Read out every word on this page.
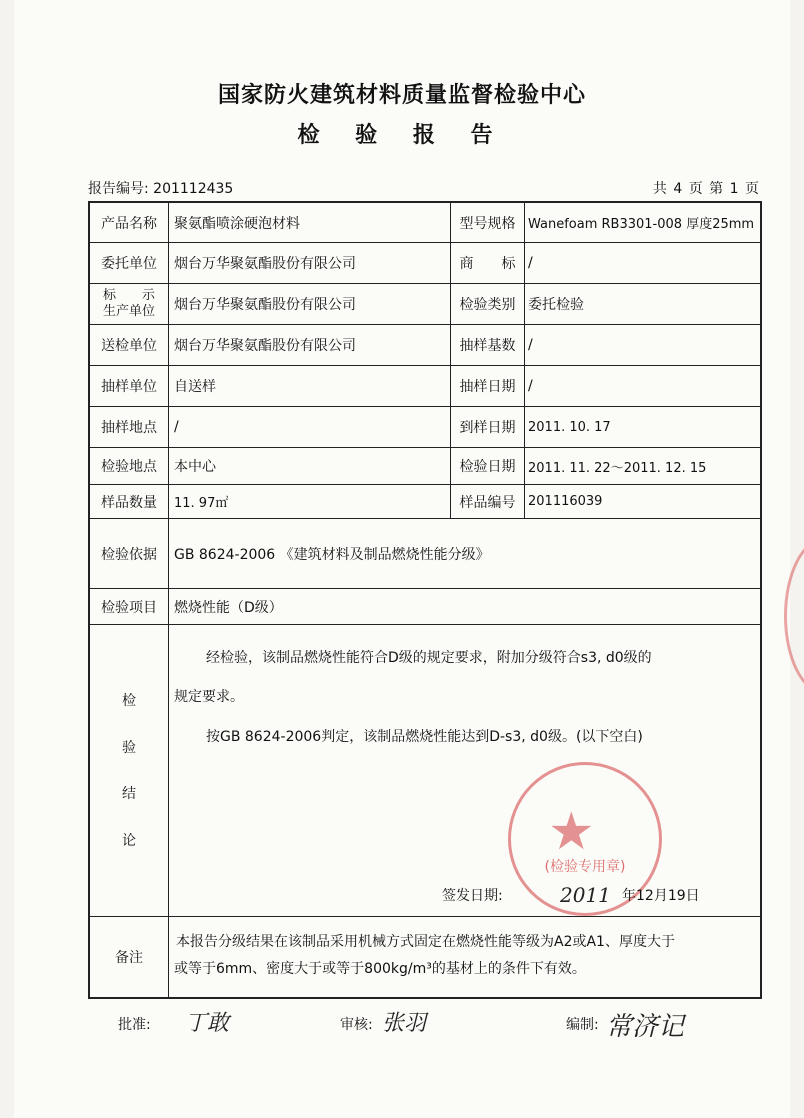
国家防火建筑材料质量监督检验中心
检 验 报 告
报告编号: 201112435	共 4 页 第 1 页
产品名称	聚氨酯喷涂硬泡材料	型号规格 Wanefoam RB3301-008 厚度25mm
委托单位	烟台万华聚氨酯股份有限公司	商　　标 /
标　　示
生产单位 烟台万华聚氨酯股份有限公司	检验类别 委托检验
送检单位	烟台万华聚氨酯股份有限公司	抽样基数 /
抽样单位	自送样	抽样日期 /
抽样地点	/	到样日期 2011. 10. 17
检验地点	本中心	检验日期 2011. 11. 22～2011. 12. 15
样品数量	11. 97㎡	样品编号 201116039
检验依据	GB 8624-2006 《建筑材料及制品燃烧性能分级》
检验项目	燃烧性能（D级）
检
验
结
论
经检验，该制品燃烧性能符合D级的规定要求，附加分级符合s3, d0级的
规定要求。
按GB 8624-2006判定，该制品燃烧性能达到D-s3, d0级。(以下空白)
★
(检验专用章)
签发日期:	2011 年12月19日
备注
本报告分级结果在该制品采用机械方式固定在燃烧性能等级为A2或A1、厚度大于
或等于6mm、密度大于或等于800kg/m³的基材上的条件下有效。
批准:	丁敢	审核: 张羽	编制: 常济记
